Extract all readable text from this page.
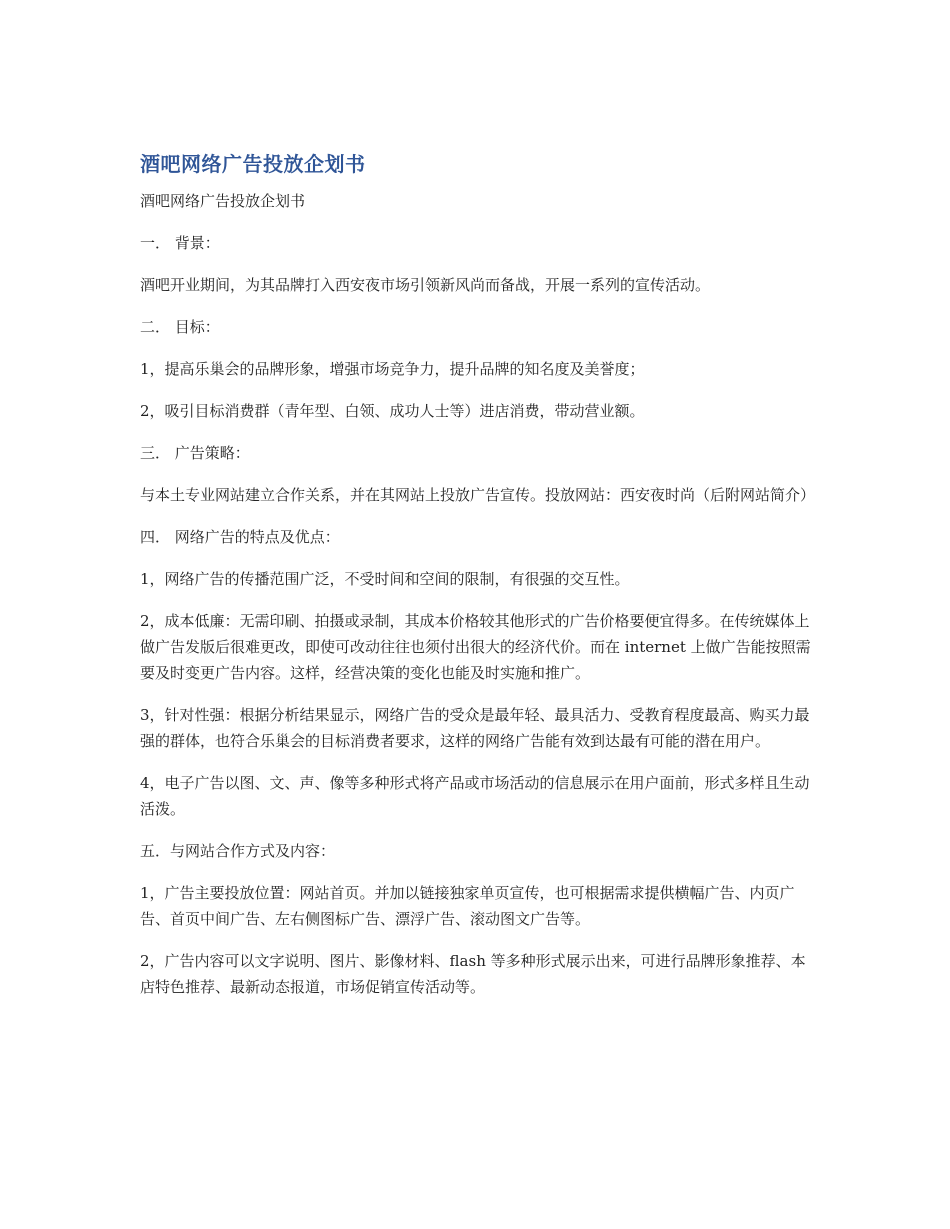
酒吧网络广告投放企划书

酒吧网络广告投放企划书

一． 背景：

酒吧开业期间，为其品牌打入西安夜市场引领新风尚而备战，开展一系列的宣传活动。

二． 目标：

1，提高乐巢会的品牌形象，增强市场竞争力，提升品牌的知名度及美誉度；

2，吸引目标消费群（青年型、白领、成功人士等）进店消费，带动营业额。

三． 广告策略：

与本土专业网站建立合作关系，并在其网站上投放广告宣传。投放网站：西安夜时尚（后附网站简介）

四． 网络广告的特点及优点：

1，网络广告的传播范围广泛，不受时间和空间的限制，有很强的交互性。

2，成本低廉：无需印刷、拍摄或录制，其成本价格较其他形式的广告价格要便宜得多。在传统媒体上做广告发版后很难更改，即使可改动往往也须付出很大的经济代价。而在 internet 上做广告能按照需要及时变更广告内容。这样，经营决策的变化也能及时实施和推广。

3，针对性强：根据分析结果显示，网络广告的受众是最年轻、最具活力、受教育程度最高、购买力最强的群体，也符合乐巢会的目标消费者要求，这样的网络广告能有效到达最有可能的潜在用户。

4，电子广告以图、文、声、像等多种形式将产品或市场活动的信息展示在用户面前，形式多样且生动活泼。

五．与网站合作方式及内容：

1，广告主要投放位置：网站首页。并加以链接独家单页宣传，也可根据需求提供横幅广告、内页广告、首页中间广告、左右侧图标广告、漂浮广告、滚动图文广告等。

2，广告内容可以文字说明、图片、影像材料、flash 等多种形式展示出来，可进行品牌形象推荐、本店特色推荐、最新动态报道，市场促销宣传活动等。
